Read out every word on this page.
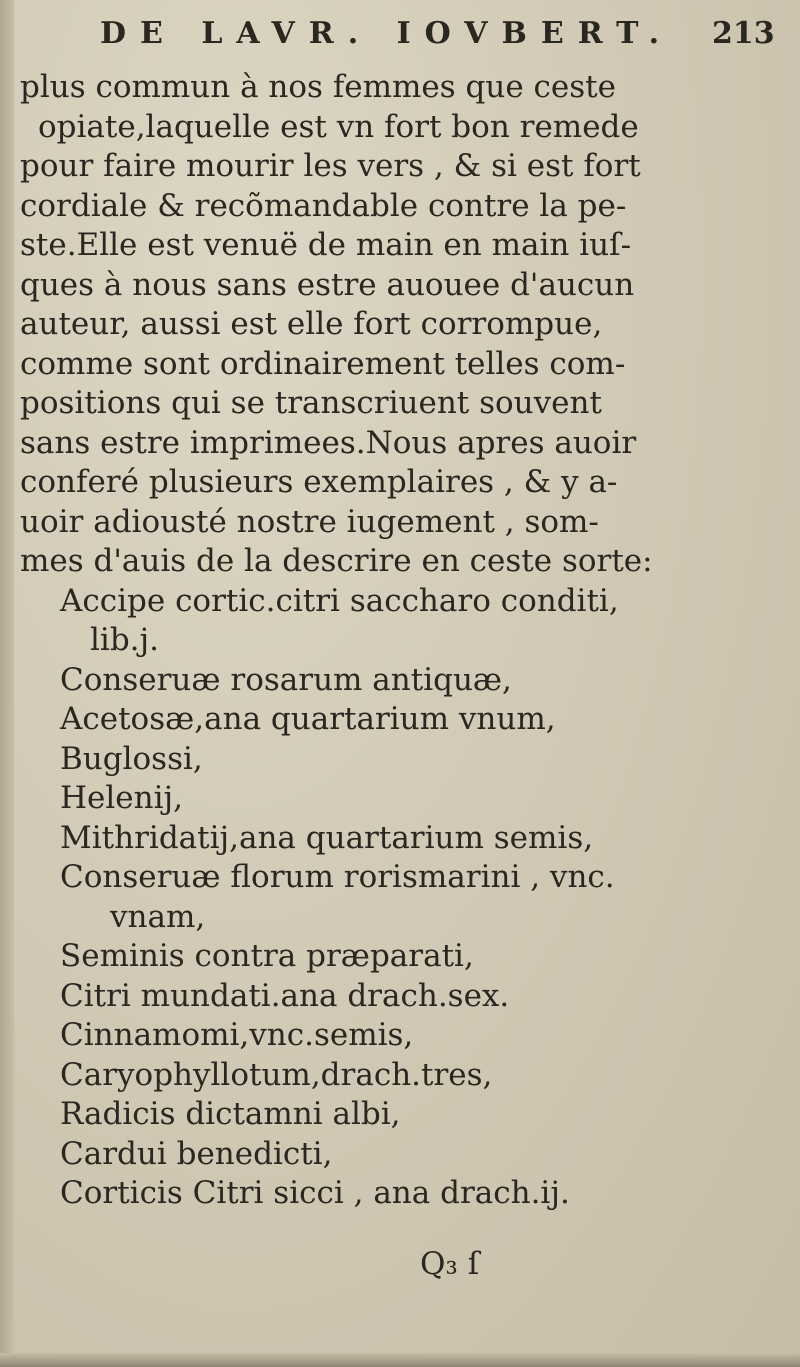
DE LAVR. IOVBERT. 213
plus commun à nos femmes que ceste
opiate,laquelle est vn fort bon remede
pour faire mourir les vers , & si est fort
cordiale & recõmandable contre la pe-
ste.Elle est venuë de main en main iuſ-
ques à nous sans estre auouee d'aucun
auteur, aussi est elle fort corrompue,
comme sont ordinairement telles com-
positions qui se transcriuent souvent
sans estre imprimees.Nous apres auoir
conferé plusieurs exemplaires , & y a-
uoir adiousté nostre iugement , som-
mes d'auis de la descrire en ceste sorte:
Accipe cortic.citri saccharo conditi,
lib.j.
Conseruæ rosarum antiquæ,
Acetosæ,ana quartarium vnum,
Buglossi,
Helenij,
Mithridatij,ana quartarium semis,
Conseruæ florum rorismarini , vnc.
vnam,
Seminis contra præparati,
Citri mundati.ana drach.sex.
Cinnamomi,vnc.semis,
Caryophyllotum,drach.tres,
Radicis dictamni albi,
Cardui benedicti,
Corticis Citri sicci , ana drach.ij.
Q₃ ſ
